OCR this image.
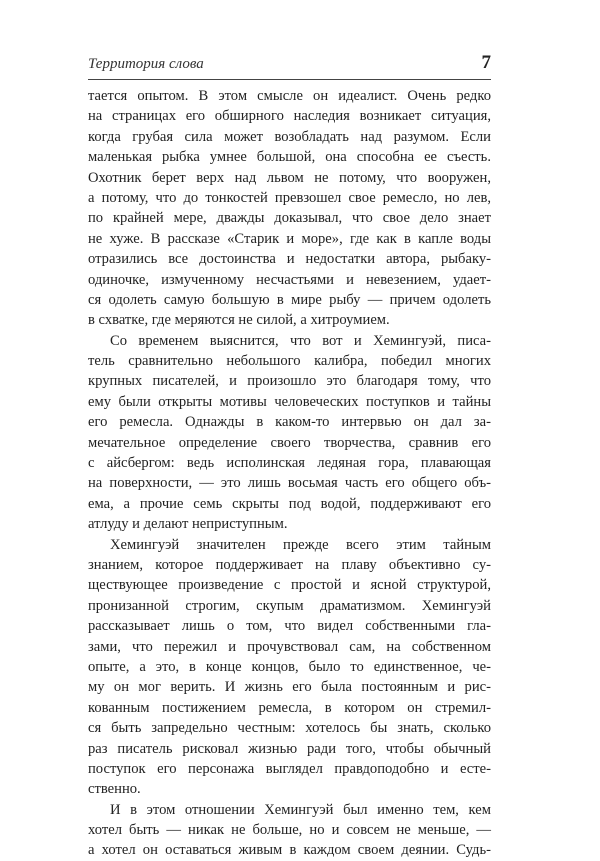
Территория слова	7
тается опытом. В этом смысле он идеалист. Очень редко
на страницах его обширного наследия возникает ситуация,
когда грубая сила может возобладать над разумом. Если
маленькая рыбка умнее большой, она способна ее съесть.
Охотник берет верх над львом не потому, что вооружен,
а потому, что до тонкостей превзошел свое ремесло, но лев,
по крайней мере, дважды доказывал, что свое дело знает
не хуже. В рассказе «Старик и море», где как в капле воды
отразились все достоинства и недостатки автора, рыбаку-
одиночке, измученному несчастьями и невезением, удает-
ся одолеть самую большую в мире рыбу — причем одолеть
в схватке, где меряются не силой, а хитроумием.
Со временем выяснится, что вот и Хемингуэй, писа-
тель сравнительно небольшого калибра, победил многих
крупных писателей, и произошло это благодаря тому, что
ему были открыты мотивы человеческих поступков и тайны
его ремесла. Однажды в каком-то интервью он дал за-
мечательное определение своего творчества, сравнив его
с айсбергом: ведь исполинская ледяная гора, плавающая
на поверхности, — это лишь восьмая часть его общего объ-
ема, а прочие семь скрыты под водой, поддерживают его
атлуду и делают неприступным.
Хемингуэй значителен прежде всего этим тайным
знанием, которое поддерживает на плаву объективно су-
ществующее произведение с простой и ясной структурой,
пронизанной строгим, скупым драматизмом. Хемингуэй
рассказывает лишь о том, что видел собственными гла-
зами, что пережил и прочувствовал сам, на собственном
опыте, а это, в конце концов, было то единственное, че-
му он мог верить. И жизнь его была постоянным и рис-
кованным постижением ремесла, в котором он стремил-
ся быть запредельно честным: хотелось бы знать, сколько
раз писатель рисковал жизнью ради того, чтобы обычный
поступок его персонажа выглядел правдоподобно и есте-
ственно.
И в этом отношении Хемингуэй был именно тем, кем
хотел быть — никак не больше, но и совсем не меньше, —
а хотел он оставаться живым в каждом своем деянии. Судь-
